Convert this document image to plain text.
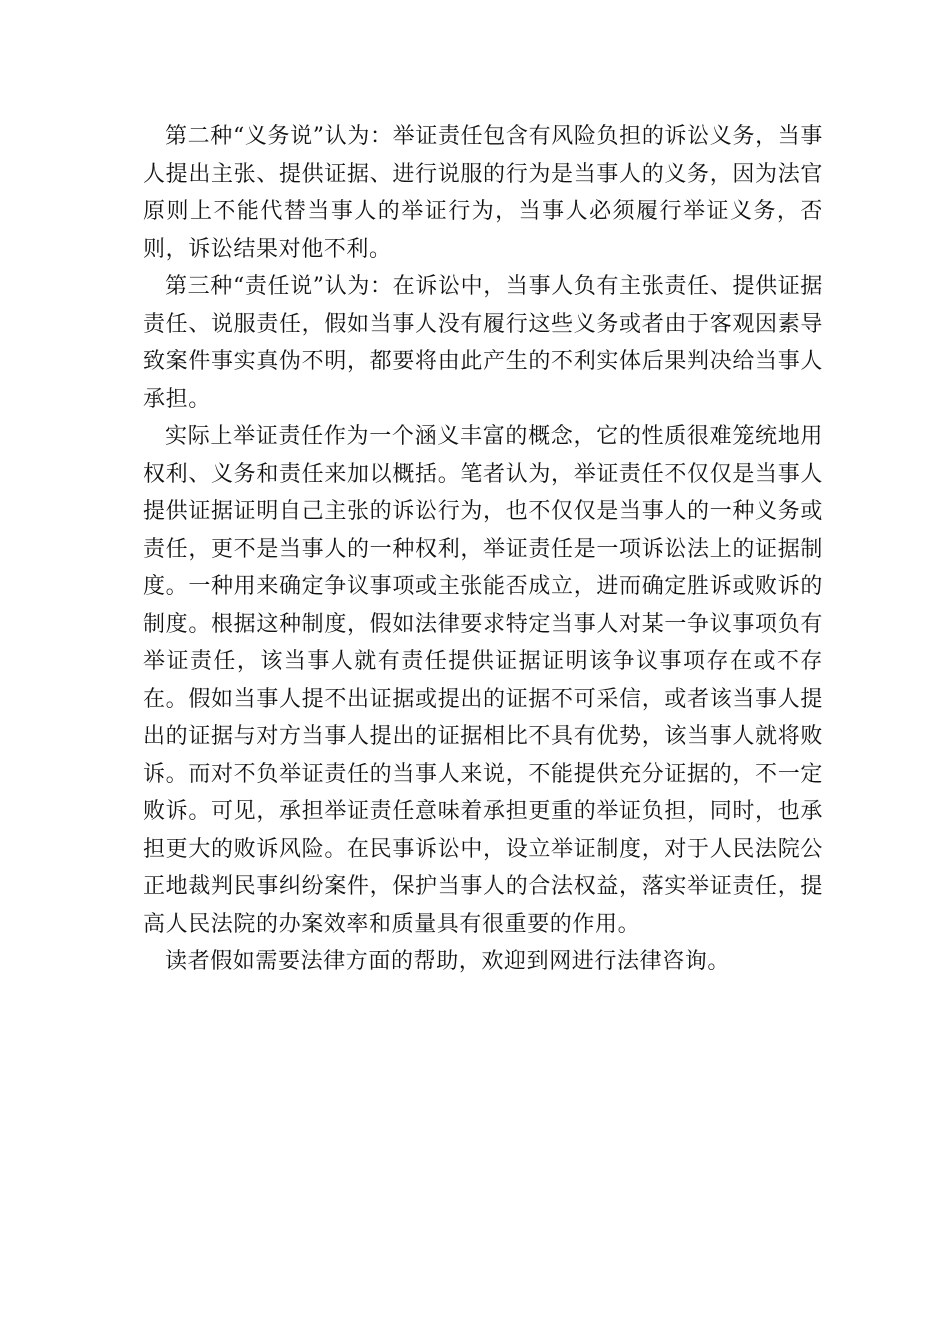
第二种“义务说”认为：举证责任包含有风险负担的诉讼义务，当事人提出主张、提供证据、进行说服的行为是当事人的义务，因为法官原则上不能代替当事人的举证行为，当事人必须履行举证义务，否则，诉讼结果对他不利。

第三种“责任说”认为：在诉讼中，当事人负有主张责任、提供证据责任、说服责任，假如当事人没有履行这些义务或者由于客观因素导致案件事实真伪不明，都要将由此产生的不利实体后果判决给当事人承担。

实际上举证责任作为一个涵义丰富的概念，它的性质很难笼统地用权利、义务和责任来加以概括。笔者认为，举证责任不仅仅是当事人提供证据证明自己主张的诉讼行为，也不仅仅是当事人的一种义务或责任，更不是当事人的一种权利，举证责任是一项诉讼法上的证据制度。一种用来确定争议事项或主张能否成立，进而确定胜诉或败诉的制度。根据这种制度，假如法律要求特定当事人对某一争议事项负有举证责任，该当事人就有责任提供证据证明该争议事项存在或不存在。假如当事人提不出证据或提出的证据不可采信，或者该当事人提出的证据与对方当事人提出的证据相比不具有优势，该当事人就将败诉。而对不负举证责任的当事人来说，不能提供充分证据的，不一定败诉。可见，承担举证责任意味着承担更重的举证负担，同时，也承担更大的败诉风险。在民事诉讼中，设立举证制度，对于人民法院公正地裁判民事纠纷案件，保护当事人的合法权益，落实举证责任，提高人民法院的办案效率和质量具有很重要的作用。

读者假如需要法律方面的帮助，欢迎到网进行法律咨询。
